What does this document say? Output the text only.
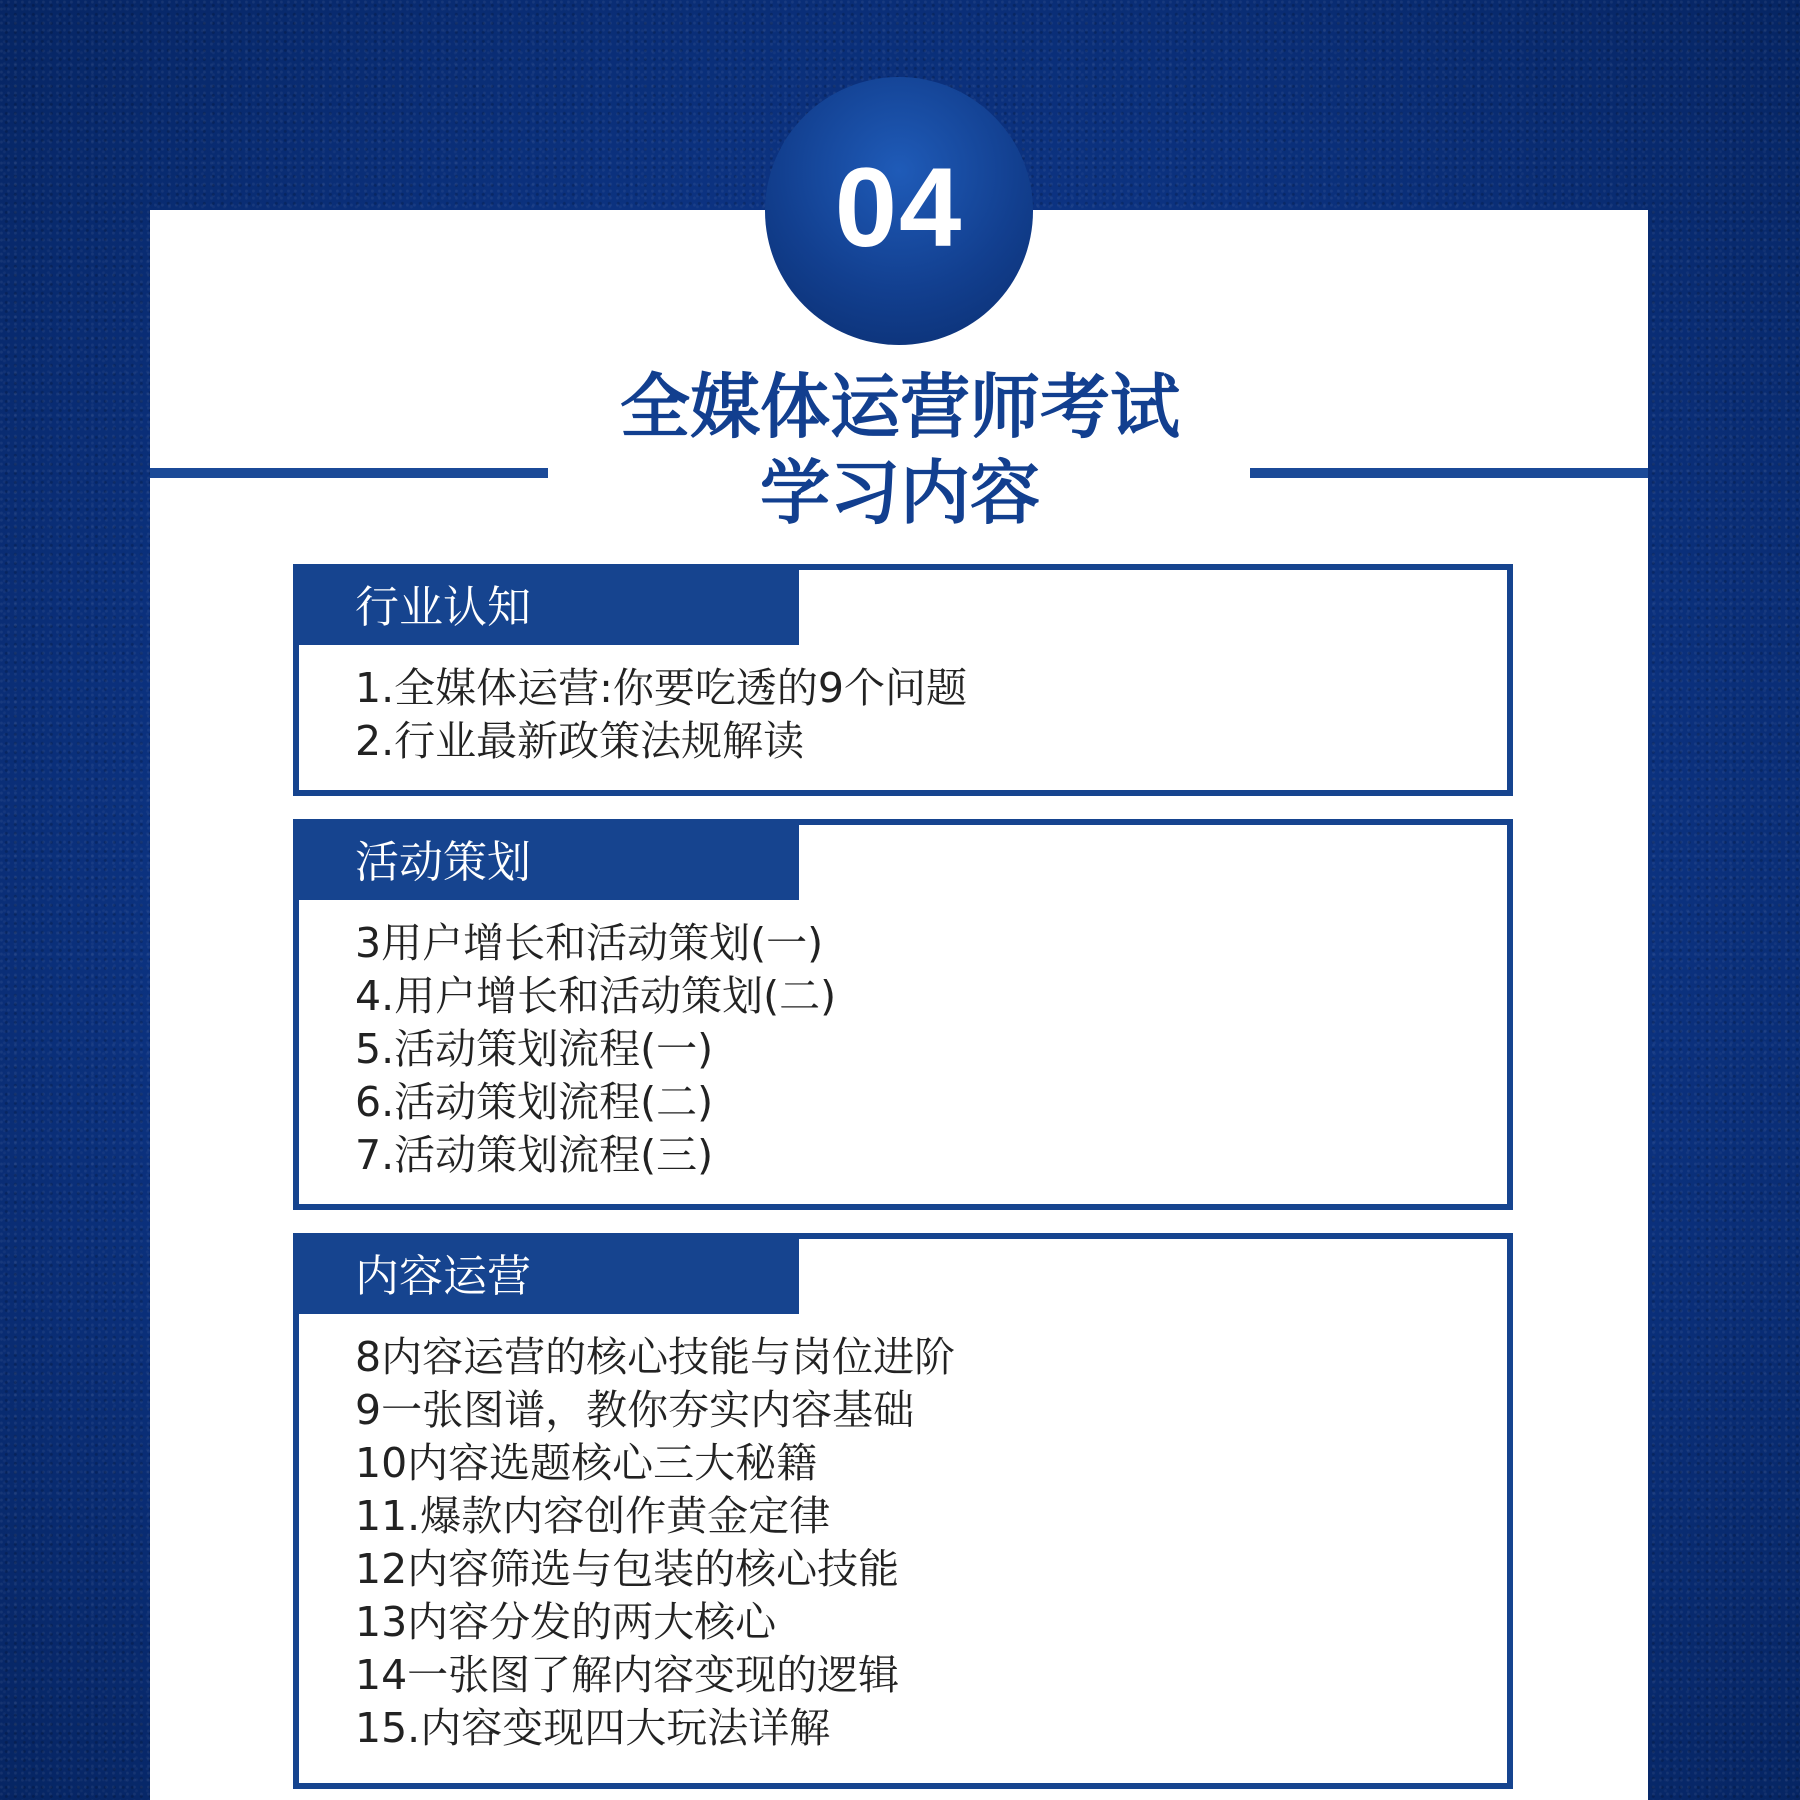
04
全媒体运营师考试
学习内容
行业认知
1.全媒体运营:你要吃透的9个问题
2.行业最新政策法规解读
活动策划
3用户增长和活动策划(一)
4.用户增长和活动策划(二)
5.活动策划流程(一)
6.活动策划流程(二)
7.活动策划流程(三)
内容运营
8内容运营的核心技能与岗位进阶
9一张图谱，教你夯实内容基础
10内容选题核心三大秘籍
11.爆款内容创作黄金定律
12内容筛选与包装的核心技能
13内容分发的两大核心
14一张图了解内容变现的逻辑
15.内容变现四大玩法详解
